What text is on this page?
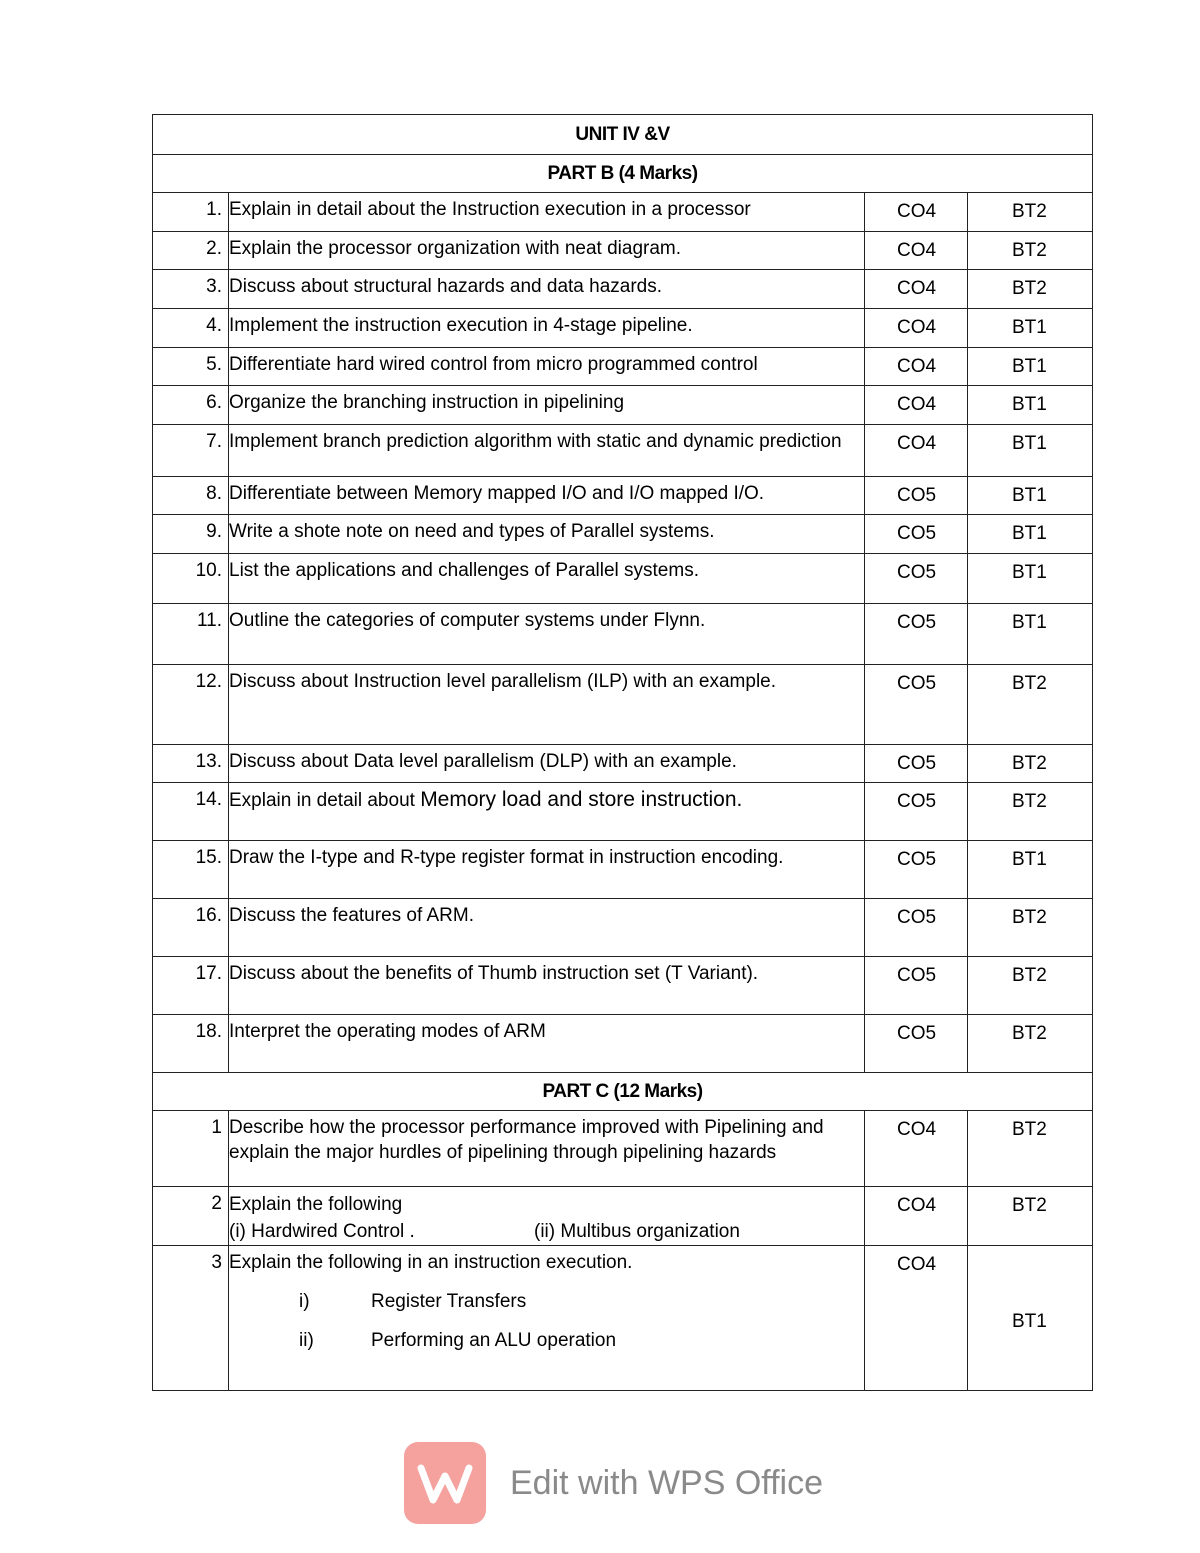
UNIT IV &V			
PART B (4 Marks)			
1.	Explain in detail about the Instruction execution in a processor	CO4	BT2
2.	Explain the processor organization with neat diagram.	CO4	BT2
3.	Discuss about structural hazards and data hazards.	CO4	BT2
4.	Implement the instruction execution in 4-stage pipeline.	CO4	BT1
5.	Differentiate hard wired control from micro programmed control	CO4	BT1
6.	Organize the branching instruction in pipelining	CO4	BT1
7.	Implement branch prediction algorithm with static and dynamic prediction	CO4	BT1
8.	Differentiate between Memory mapped I/O and I/O mapped I/O.	CO5	BT1
9.	Write a shote note on need and types of Parallel systems.	CO5	BT1
10.	List the applications and challenges of Parallel systems.	CO5	BT1
11.	Outline the categories of computer systems under Flynn.	CO5	BT1
12.	Discuss about Instruction level parallelism (ILP) with an example.	CO5	BT2
13.	Discuss about Data level parallelism (DLP) with an example.	CO5	BT2
14.	Explain in detail about Memory load and store instruction.	CO5	BT2
15.	Draw the I-type and R-type register format in instruction encoding.	CO5	BT1
16.	Discuss the features of ARM.	CO5	BT2
17.	Discuss about the benefits of Thumb instruction set (T Variant).	CO5	BT2
18.	Interpret the operating modes of ARM	CO5	BT2
PART C (12 Marks)			
1	Describe how the processor performance improved with Pipelining and explain the major hurdles of pipelining through pipelining hazards	CO4	BT2
2	Explain the following
(i) Hardwired Control . (ii) Multibus organization	CO4	BT2
3	Explain the following in an instruction execution.
i) Register Transfers
ii) Performing an ALU operation	CO4	BT1
Edit with WPS Office
